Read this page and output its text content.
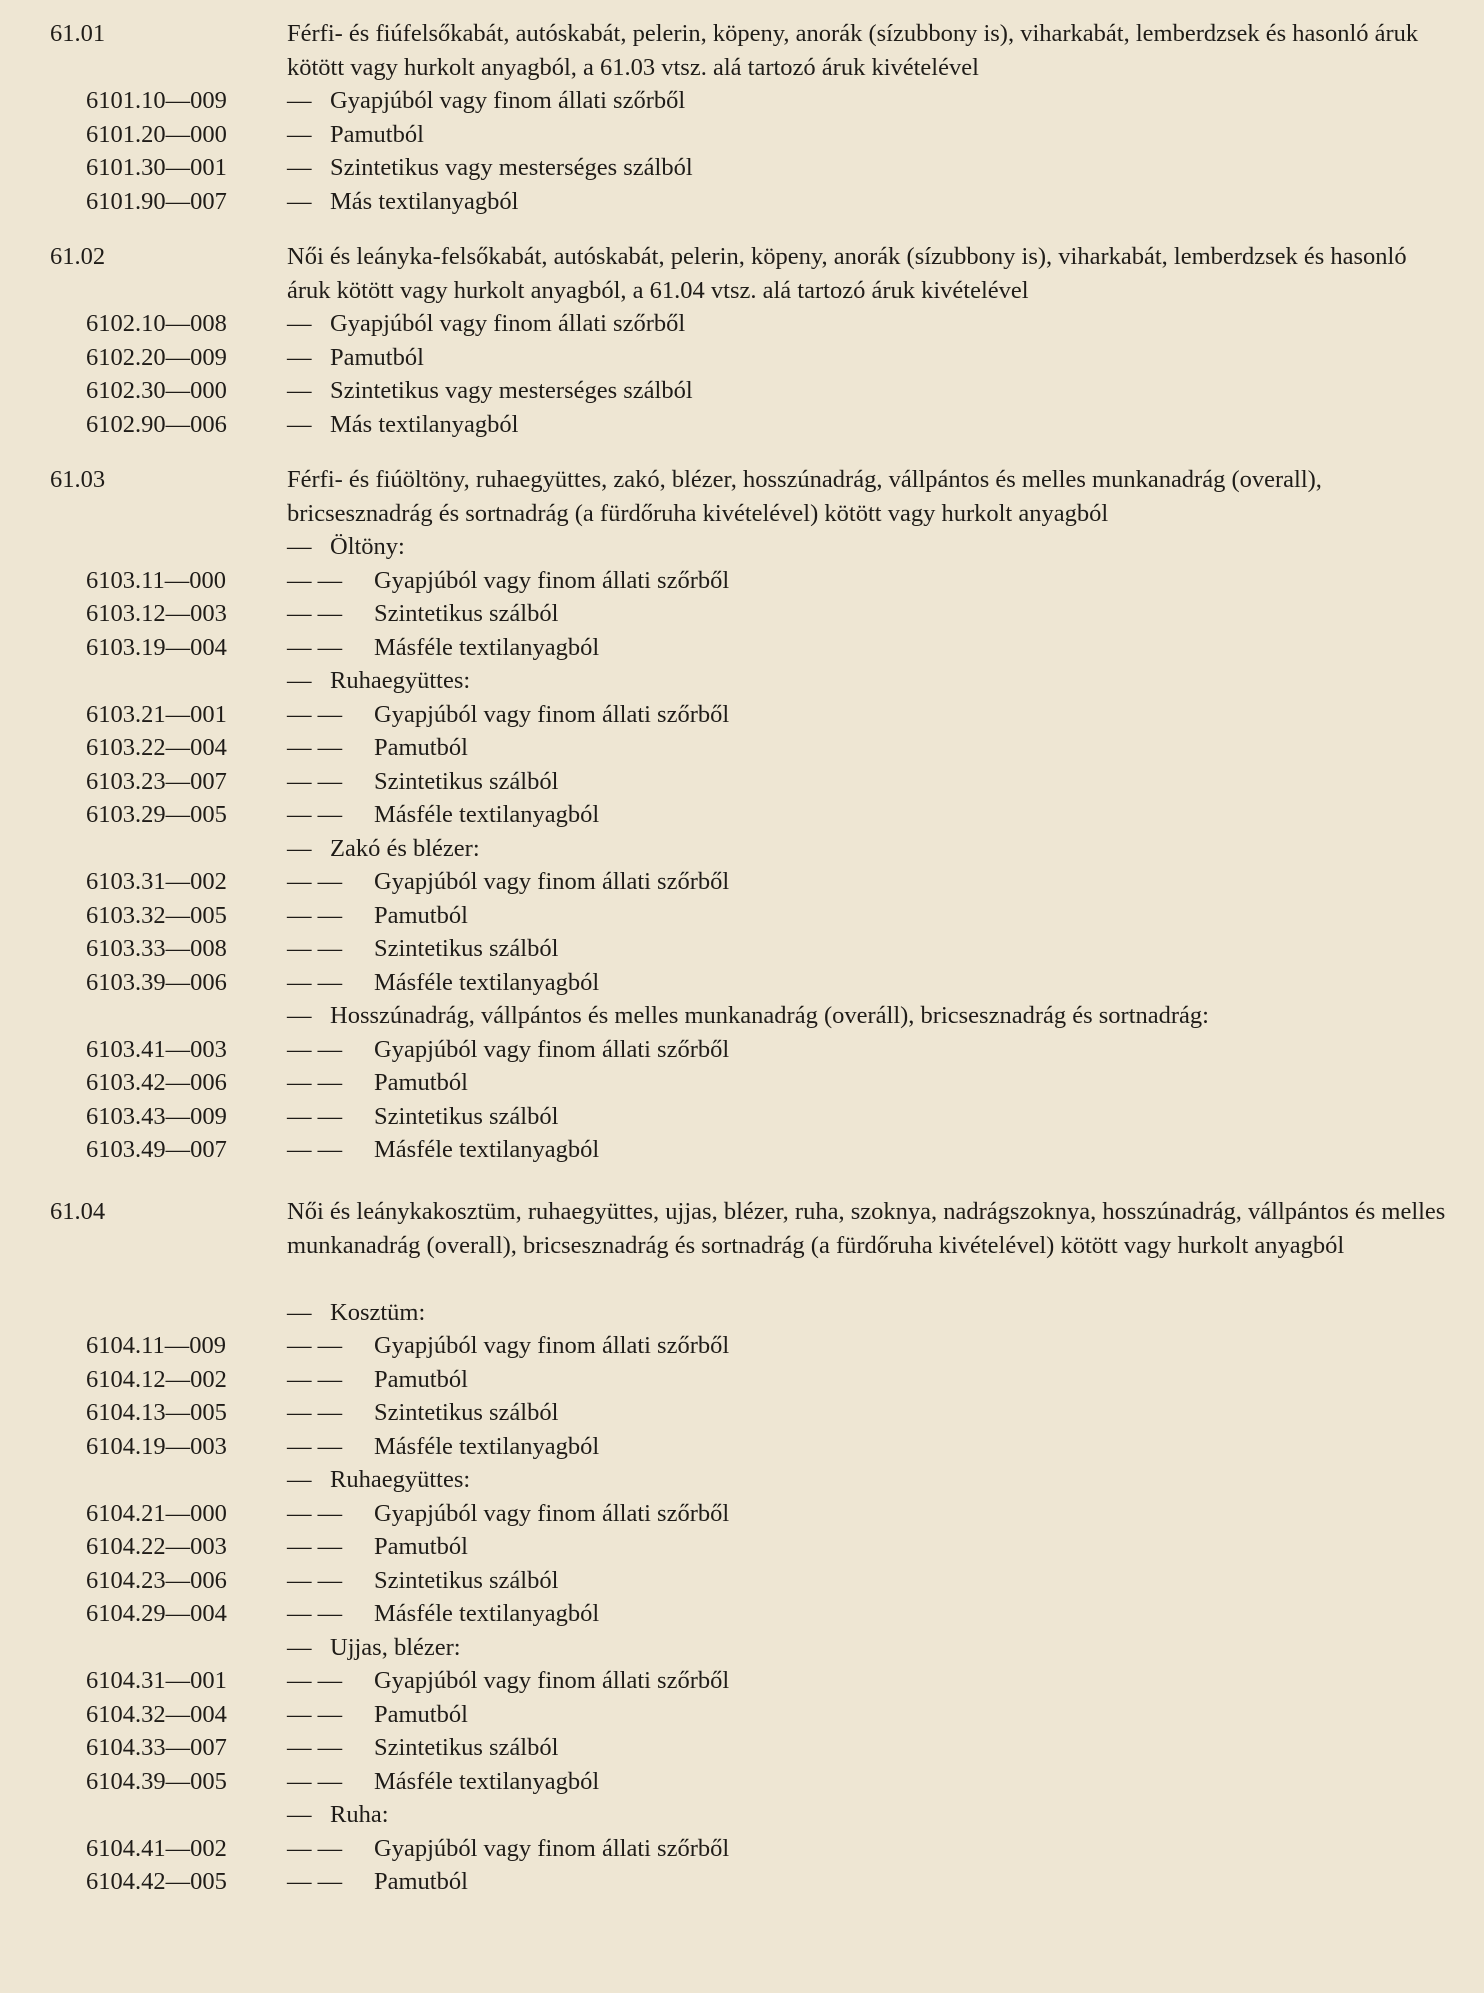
61.01	Férfi- és fiúfelsőkabát, autóskabát, pelerin, köpeny, anorák (sízubbony is), viharkabát, lemberdzsek és hasonló áruk kötött vagy hurkolt anyagból, a 61.03 vtsz. alá tartozó áruk kivételével
6101.10—009 — Gyapjúból vagy finom állati szőrből
6101.20—000 — Pamutból
6101.30—001 — Szintetikus vagy mesterséges szálból
6101.90—007 — Más textilanyagból
61.02	Női és leányka-felsőkabát, autóskabát, pelerin, köpeny, anorák (sízubbony is), viharkabát, lemberdzsek és hasonló áruk kötött vagy hurkolt anyagból, a 61.04 vtsz. alá tartozó áruk kivételével
6102.10—008 — Gyapjúból vagy finom állati szőrből
6102.20—009 — Pamutból
6102.30—000 — Szintetikus vagy mesterséges szálból
6102.90—006 — Más textilanyagból
61.03	Férfi- és fiúöltöny, ruhaegyüttes, zakó, blézer, hosszúnadrág, vállpántos és melles munkanadrág (overall), bricsesznadrág és sortnadrág (a fürdőruha kivételével) kötött vagy hurkolt anyagból
— Öltöny:
6103.11—000 — — Gyapjúból vagy finom állati szőrből
6103.12—003 — — Szintetikus szálból
6103.19—004 — — Másféle textilanyagból
— Ruhaegyüttes:
6103.21—001 — — Gyapjúból vagy finom állati szőrből
6103.22—004 — — Pamutból
6103.23—007 — — Szintetikus szálból
6103.29—005 — — Másféle textilanyagból
— Zakó és blézer:
6103.31—002 — — Gyapjúból vagy finom állati szőrből
6103.32—005 — — Pamutból
6103.33—008 — — Szintetikus szálból
6103.39—006 — — Másféle textilanyagból
— Hosszúnadrág, vállpántos és melles munkanadrág (overáll), bricsesznadrág és sortnadrág:
6103.41—003 — — Gyapjúból vagy finom állati szőrből
6103.42—006 — — Pamutból
6103.43—009 — — Szintetikus szálból
6103.49—007 — — Másféle textilanyagból
61.04	Női és leánykakosztüm, ruhaegyüttes, ujjas, blézer, ruha, szoknya, nadrágszoknya, hosszúnadrág, vállpántos és melles munkanadrág (overall), bricsesznadrág és sortnadrág (a fürdőruha kivételével) kötött vagy hurkolt anyagból
— Kosztüm:
6104.11—009 — — Gyapjúból vagy finom állati szőrből
6104.12—002 — — Pamutból
6104.13—005 — — Szintetikus szálból
6104.19—003 — — Másféle textilanyagból
— Ruhaegyüttes:
6104.21—000 — — Gyapjúból vagy finom állati szőrből
6104.22—003 — — Pamutból
6104.23—006 — — Szintetikus szálból
6104.29—004 — — Másféle textilanyagból
— Ujjas, blézer:
6104.31—001 — — Gyapjúból vagy finom állati szőrből
6104.32—004 — — Pamutból
6104.33—007 — — Szintetikus szálból
6104.39—005 — — Másféle textilanyagból
— Ruha:
6104.41—002 — — Gyapjúból vagy finom állati szőrből
6104.42—005 — — Pamutból
